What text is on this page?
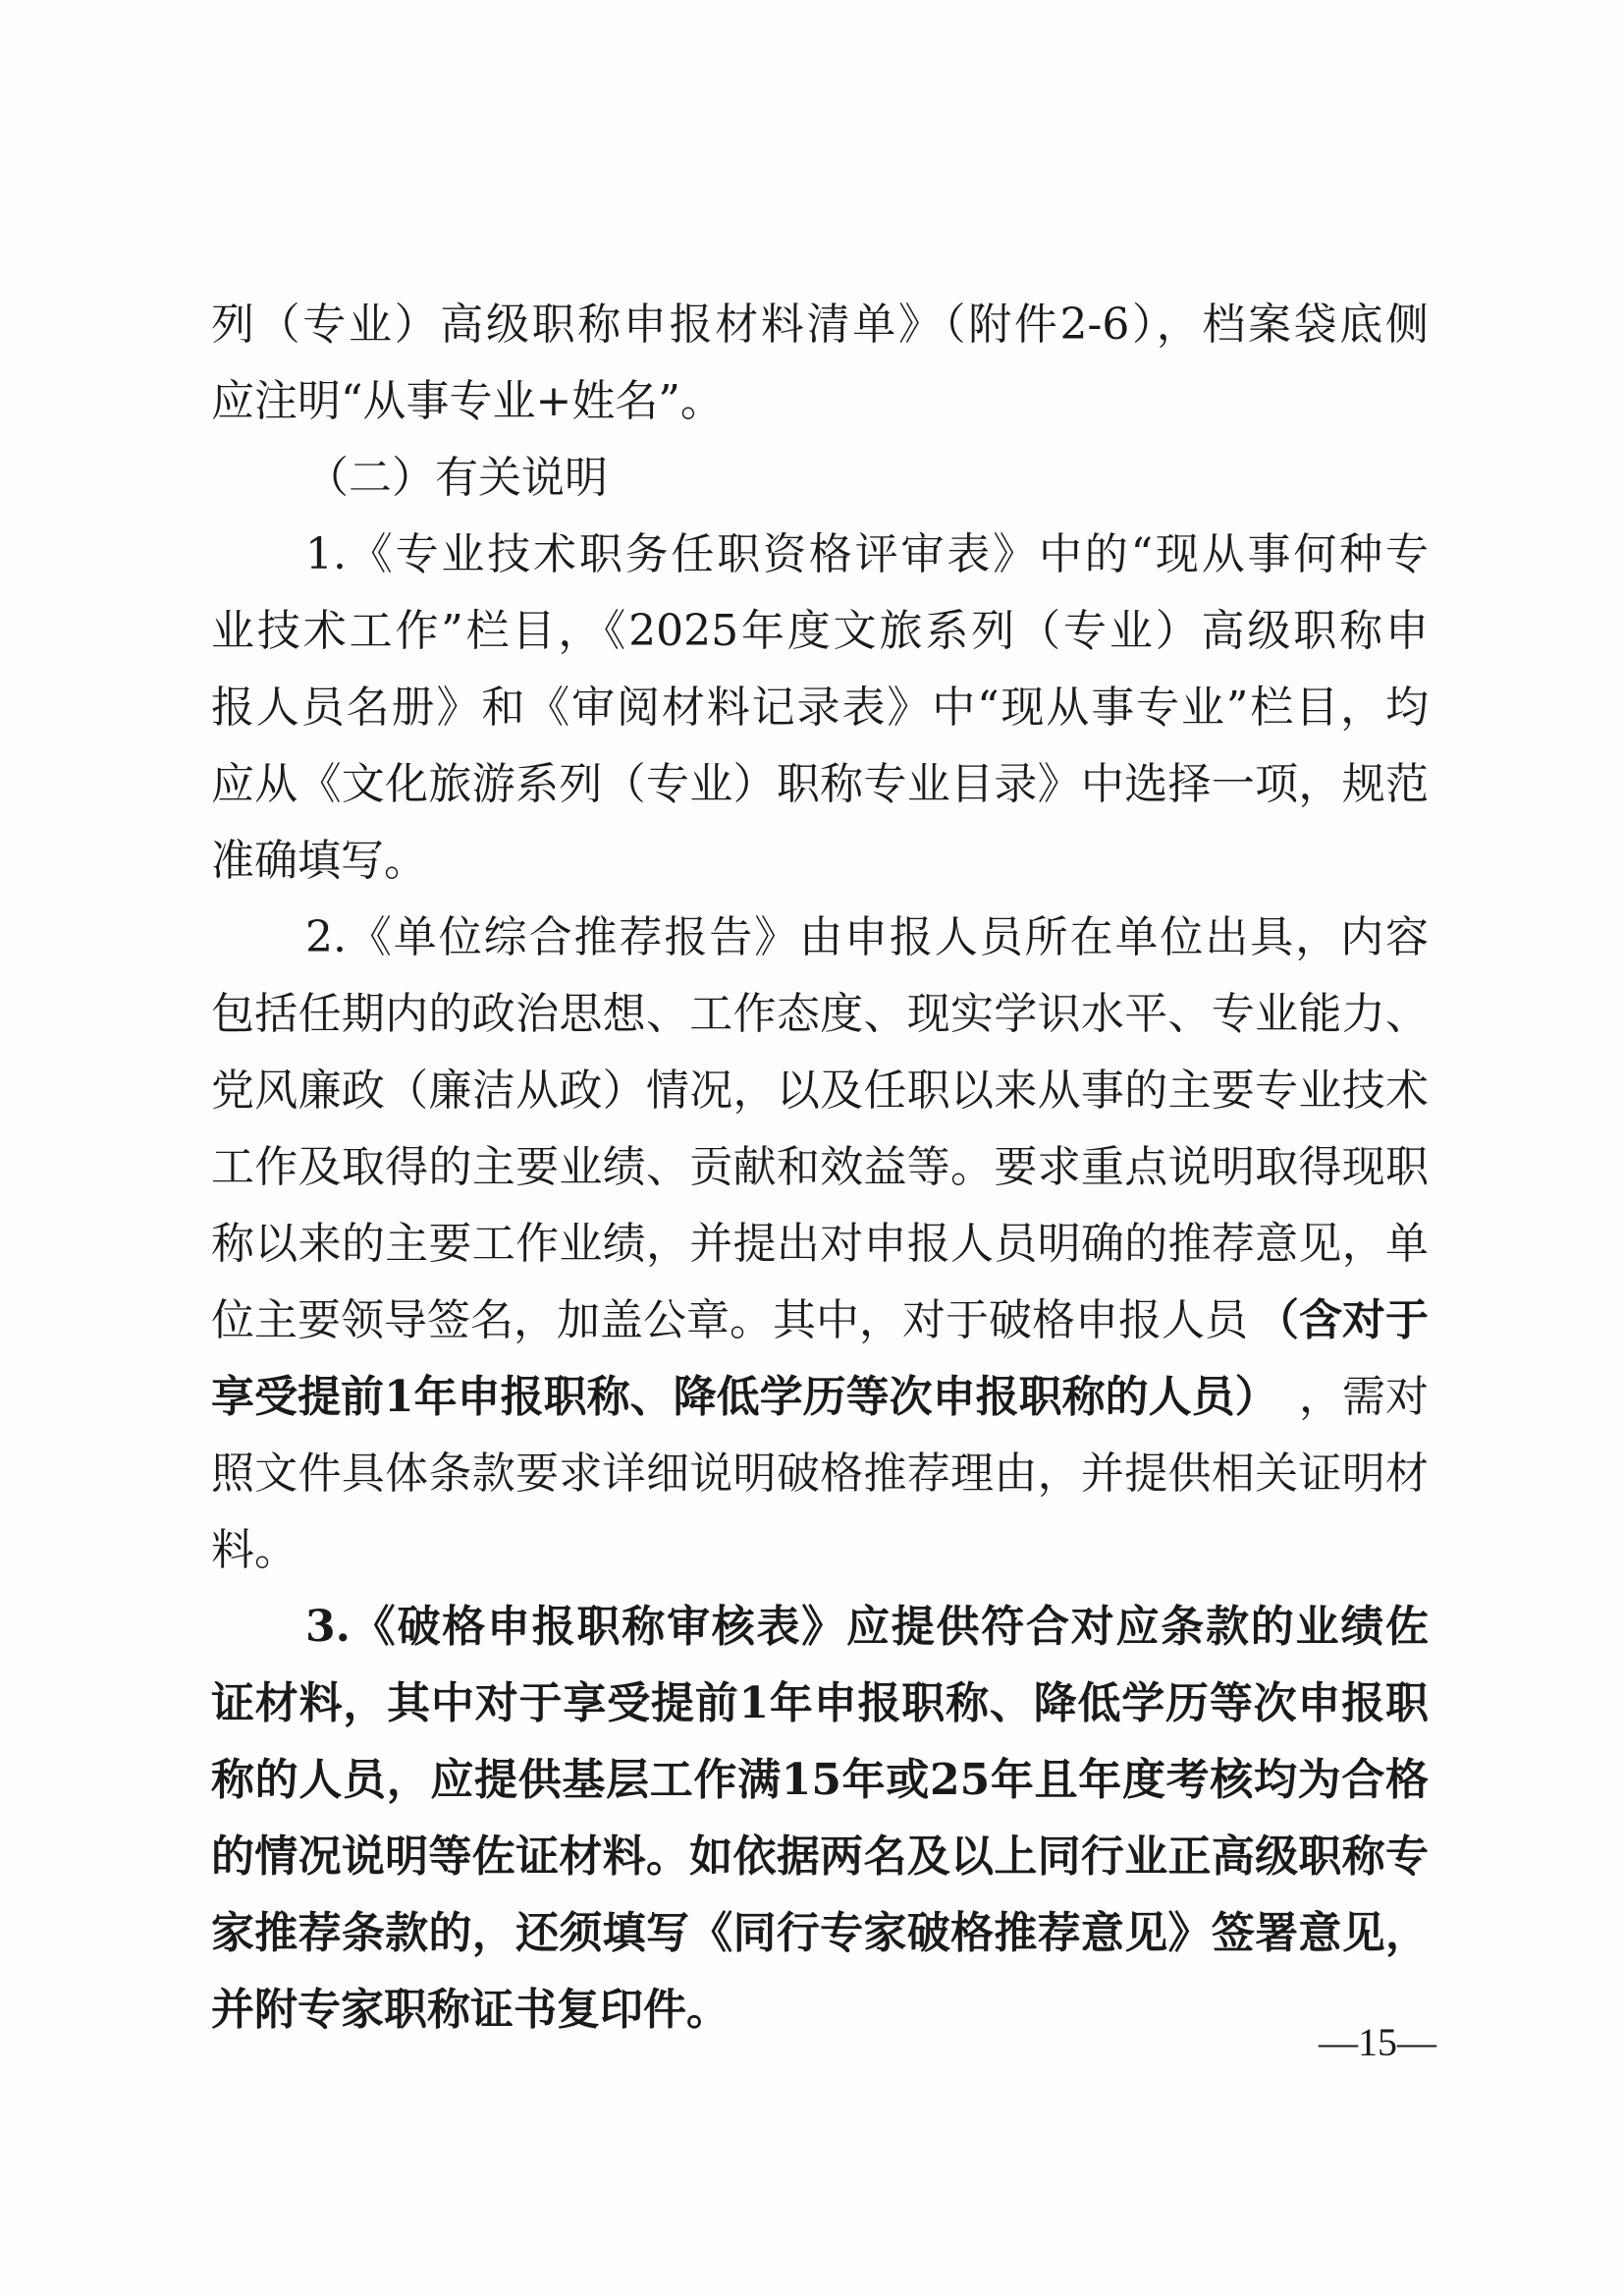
列（专业）高级职称申报材料清单》（附件2-6），档案袋底侧
应注明“从事专业+姓名”。
（二）有关说明
1.《专业技术职务任职资格评审表》中的“现从事何种专
业技术工作”栏目，《2025年度文旅系列（专业）高级职称申
报人员名册》和《审阅材料记录表》中“现从事专业”栏目，均
应从《文化旅游系列（专业）职称专业目录》中选择一项，规范
准确填写。
2.《单位综合推荐报告》由申报人员所在单位出具，内容
包括任期内的政治思想、工作态度、现实学识水平、专业能力、
党风廉政（廉洁从政）情况，以及任职以来从事的主要专业技术
工作及取得的主要业绩、贡献和效益等。要求重点说明取得现职
称以来的主要工作业绩，并提出对申报人员明确的推荐意见，单
位主要领导签名，加盖公章。其中，对于破格申报人员 （含对于
享受提前1年申报职称、降低学历等次申报职称的人员） ，需对
照文件具体条款要求详细说明破格推荐理由，并提供相关证明材
料。
3.《破格申报职称审核表》应提供符合对应条款的业绩佐
证材料，其中对于享受提前1年申报职称、降低学历等次申报职
称的人员，应提供基层工作满15年或25年且年度考核均为合格
的情况说明等佐证材料。如依据两名及以上同行业正高级职称专
家推荐条款的，还须填写《同行专家破格推荐意见》签署意见，
并附专家职称证书复印件。
—15—
